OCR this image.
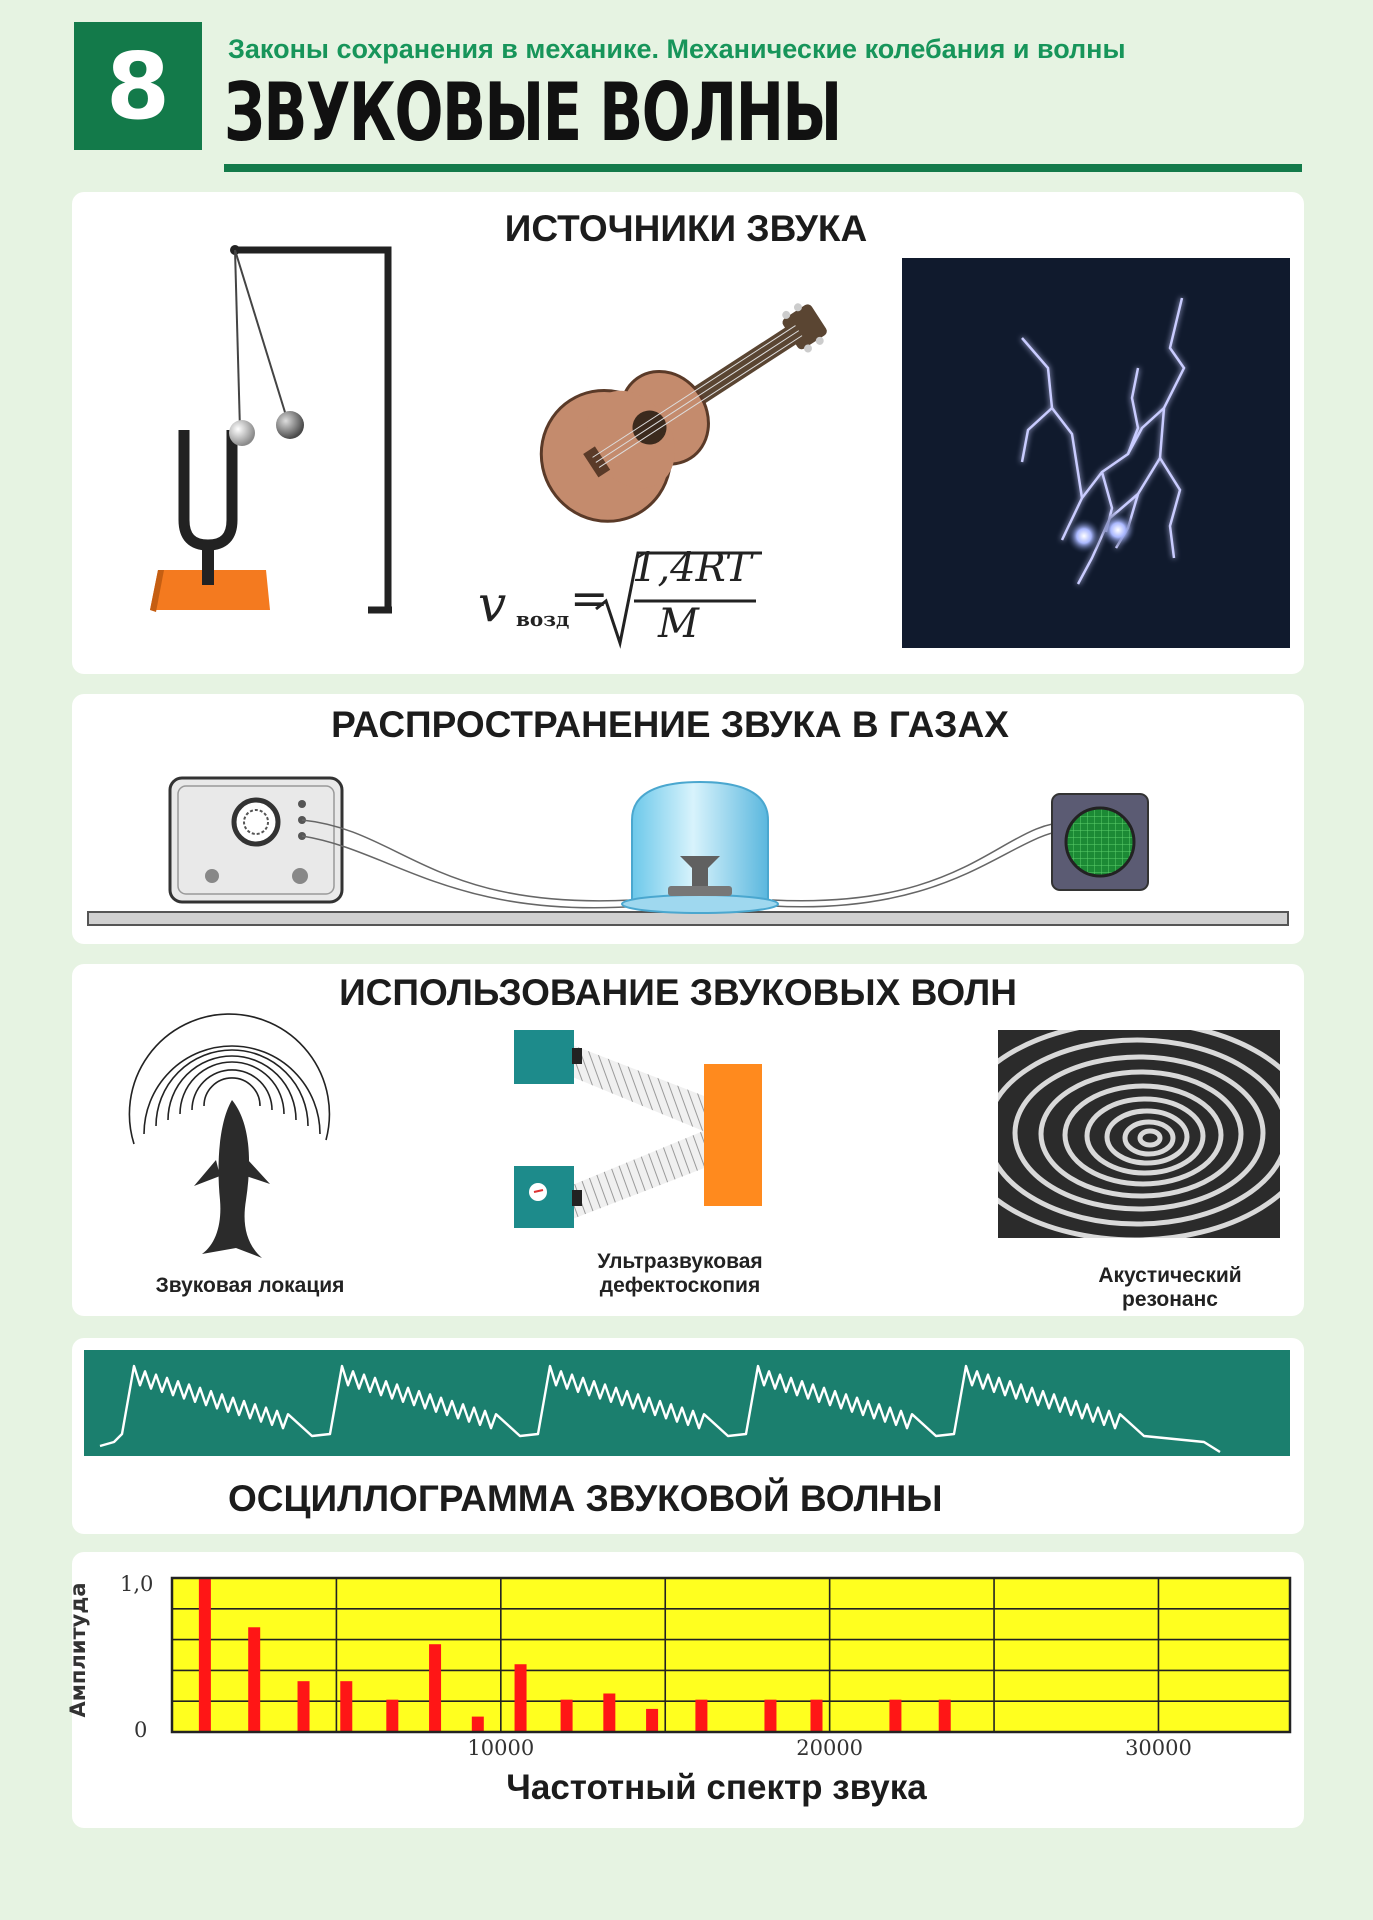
8	Законы сохранения в механике. Механические колебания и волны
ЗВУКОВЫЕ ВОЛНЫ
ИСТОЧНИКИ ЗВУКА
v возд =
1,4RT
M
РАСПРОСТРАНЕНИЕ ЗВУКА В ГАЗАХ
ИСПОЛЬЗОВАНИЕ ЗВУКОВЫХ ВОЛН
Звуковая локация
Ультразвуковая
дефектоскопия	Акустический
резонанс
ОСЦИЛЛОГРАММА ЗВУКОВОЙ ВОЛНЫ
Амплитуда 1,0
0
10000	20000	30000
Частотный спектр звука
